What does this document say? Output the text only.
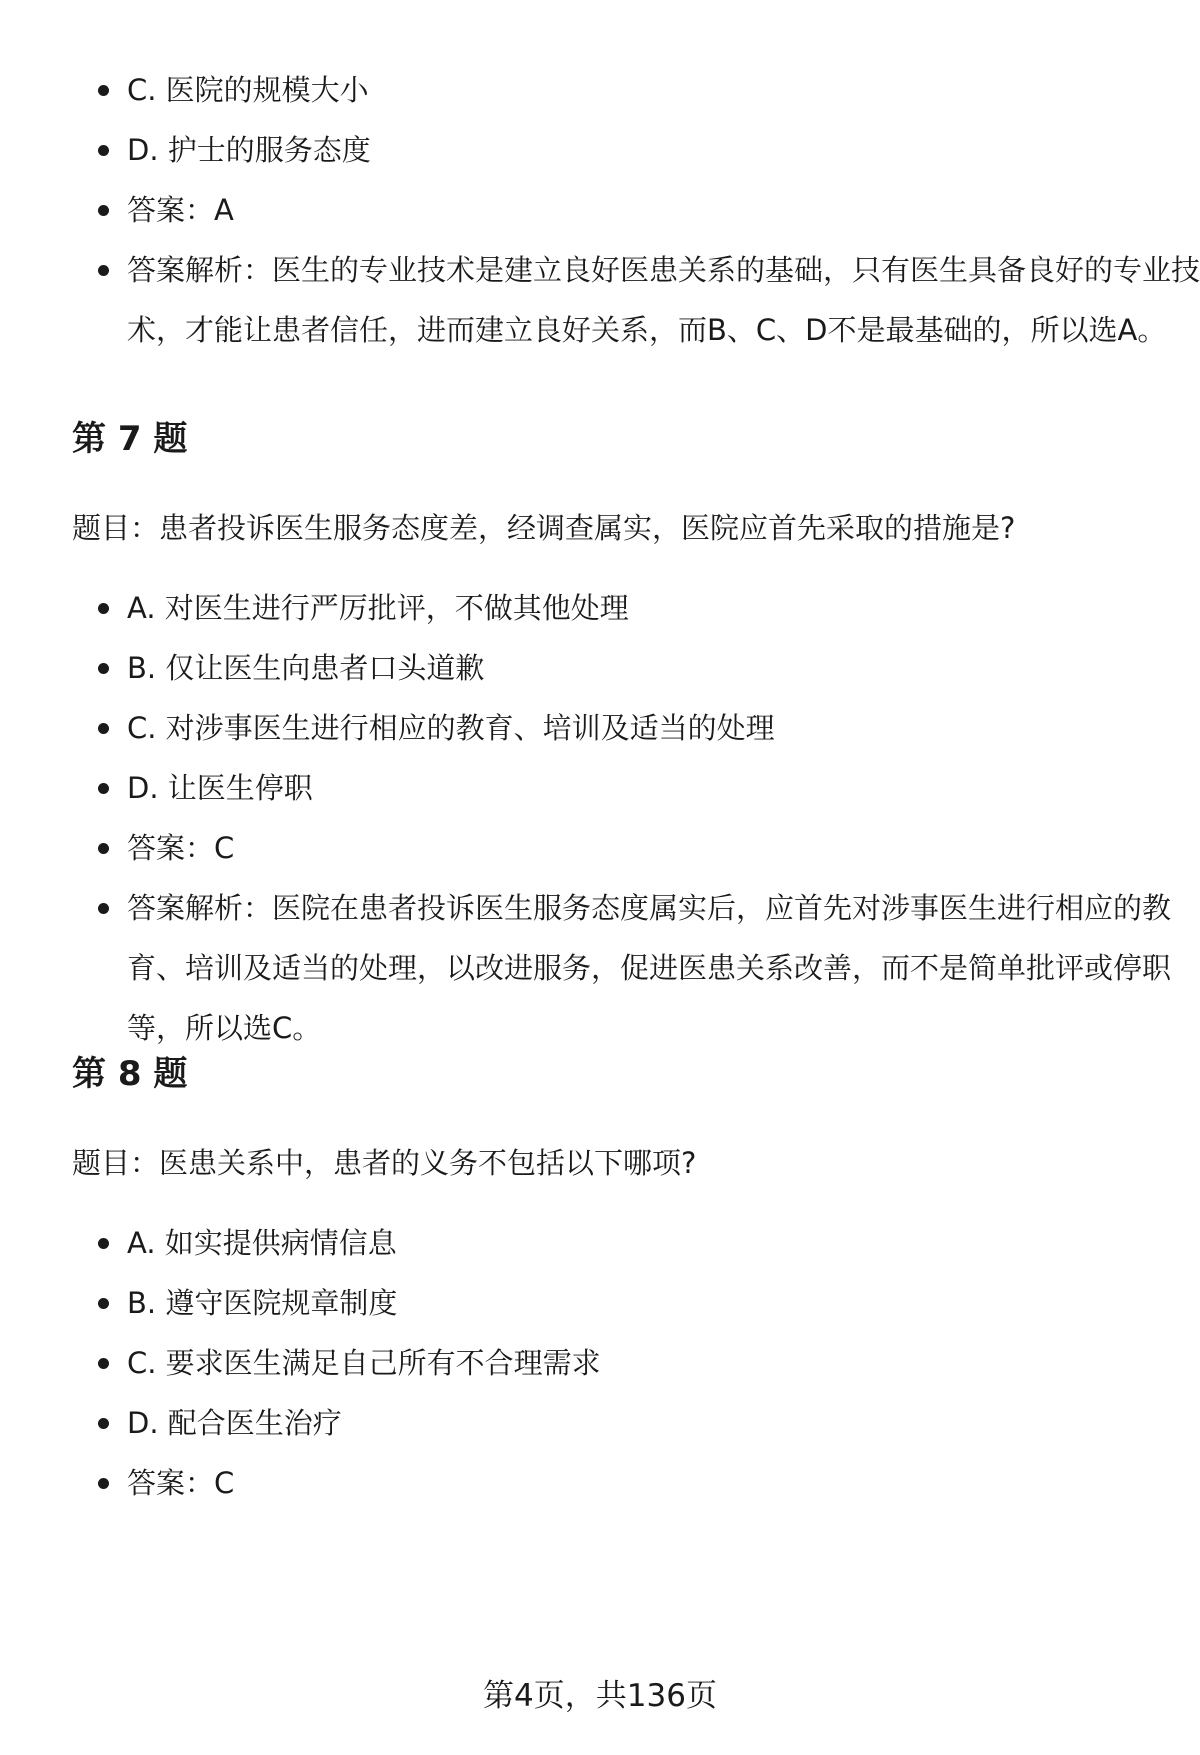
C. 医院的规模大小
D. 护士的服务态度
答案：A
答案解析：医生的专业技术是建立良好医患关系的基础，只有医生具备良好的专业技术，才能让患者信任，进而建立良好关系，而B、C、D不是最基础的，所以选A。
第 7 题

题目：患者投诉医生服务态度差，经调查属实，医院应首先采取的措施是?

A. 对医生进行严厉批评，不做其他处理
B. 仅让医生向患者口头道歉
C. 对涉事医生进行相应的教育、培训及适当的处理
D. 让医生停职
答案：C
答案解析：医院在患者投诉医生服务态度属实后，应首先对涉事医生进行相应的教育、培训及适当的处理，以改进服务，促进医患关系改善，而不是简单批评或停职等，所以选C。
第 8 题

题目：医患关系中，患者的义务不包括以下哪项?

A. 如实提供病情信息
B. 遵守医院规章制度
C. 要求医生满足自己所有不合理需求
D. 配合医生治疗
答案：C
第4页，共136页
